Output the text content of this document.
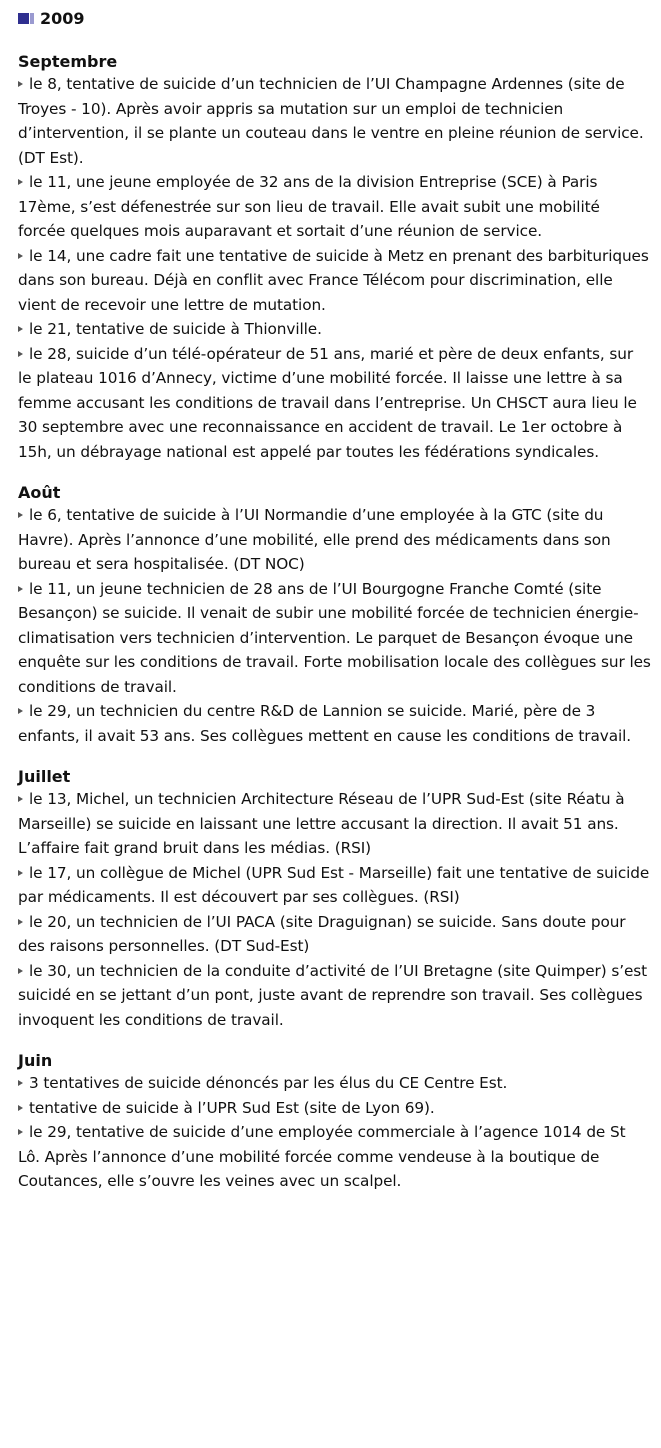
2009
Septembre

le 8, tentative de suicide d’un technicien de l’UI Champagne Ardennes (site de Troyes - 10). Après avoir appris sa mutation sur un emploi de technicien d’intervention, il se plante un couteau dans le ventre en pleine réunion de service. (DT Est).

le 11, une jeune employée de 32 ans de la division Entreprise (SCE) à Paris 17ème, s’est défenestrée sur son lieu de travail. Elle avait subit une mobilité forcée quelques mois auparavant et sortait d’une réunion de service.

le 14, une cadre fait une tentative de suicide à Metz en prenant des barbituriques dans son bureau. Déjà en conflit avec France Télécom pour discrimination, elle vient de recevoir une lettre de mutation.

le 21, tentative de suicide à Thionville.

le 28, suicide d’un télé-opérateur de 51 ans, marié et père de deux enfants, sur le plateau 1016 d’Annecy, victime d’une mobilité forcée. Il laisse une lettre à sa femme accusant les conditions de travail dans l’entreprise. Un CHSCT aura lieu le 30 septembre avec une reconnaissance en accident de travail. Le 1er octobre à 15h, un débrayage national est appelé par toutes les fédérations syndicales.

Août

le 6, tentative de suicide à l’UI Normandie d’une employée à la GTC (site du Havre). Après l’annonce d’une mobilité, elle prend des médicaments dans son bureau et sera hospitalisée. (DT NOC)

le 11, un jeune technicien de 28 ans de l’UI Bourgogne Franche Comté (site Besançon) se suicide. Il venait de subir une mobilité forcée de technicien énergie-climatisation vers technicien d’intervention. Le parquet de Besançon évoque une enquête sur les conditions de travail. Forte mobilisation locale des collègues sur les conditions de travail.

le 29, un technicien du centre R&D de Lannion se suicide. Marié, père de 3 enfants, il avait 53 ans. Ses collègues mettent en cause les conditions de travail.

Juillet

le 13, Michel, un technicien Architecture Réseau de l’UPR Sud-Est (site Réatu à Marseille) se suicide en laissant une lettre accusant la direction. Il avait 51 ans. L’affaire fait grand bruit dans les médias. (RSI)

le 17, un collègue de Michel (UPR Sud Est - Marseille) fait une tentative de suicide par médicaments. Il est découvert par ses collègues. (RSI)

le 20, un technicien de l’UI PACA (site Draguignan) se suicide. Sans doute pour des raisons personnelles. (DT Sud-Est)

le 30, un technicien de la conduite d’activité de l’UI Bretagne (site Quimper) s’est suicidé en se jettant d’un pont, juste avant de reprendre son travail. Ses collègues invoquent les conditions de travail.

Juin

3 tentatives de suicide dénoncés par les élus du CE Centre Est.

tentative de suicide à l’UPR Sud Est (site de Lyon 69).

le 29, tentative de suicide d’une employée commerciale à l’agence 1014 de St Lô. Après l’annonce d’une mobilité forcée comme vendeuse à la boutique de Coutances, elle s’ouvre les veines avec un scalpel.
